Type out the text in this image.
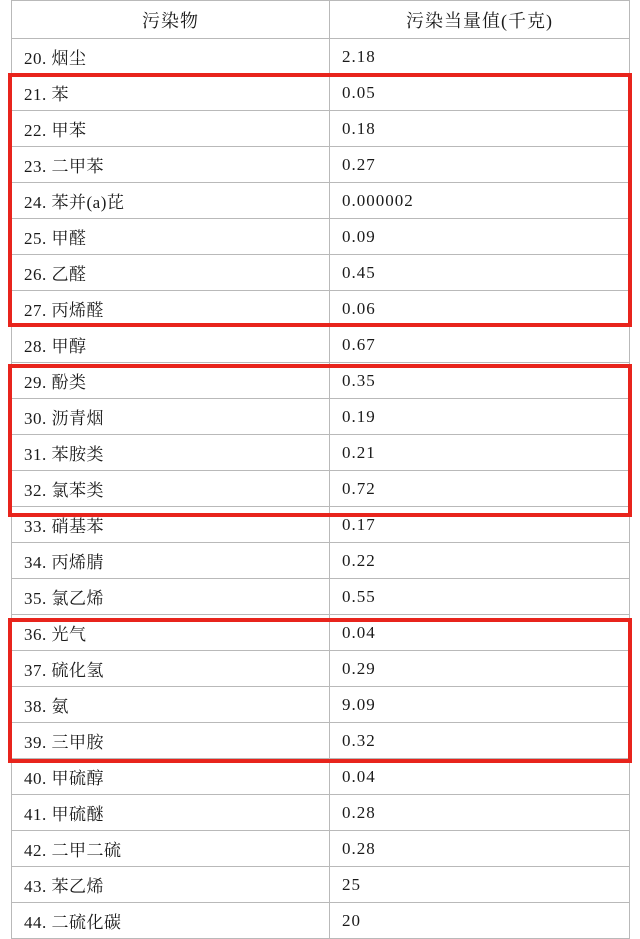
污染物	污染当量值(千克)
20. 烟尘	2.18
21. 苯	0.05
22. 甲苯	0.18
23. 二甲苯	0.27
24. 苯并(a)芘	0.000002
25. 甲醛	0.09
26. 乙醛	0.45
27. 丙烯醛	0.06
28. 甲醇	0.67
29. 酚类	0.35
30. 沥青烟	0.19
31. 苯胺类	0.21
32. 氯苯类	0.72
33. 硝基苯	0.17
34. 丙烯腈	0.22
35. 氯乙烯	0.55
36. 光气	0.04
37. 硫化氢	0.29
38. 氨	9.09
39. 三甲胺	0.32
40. 甲硫醇	0.04
41. 甲硫醚	0.28
42. 二甲二硫	0.28
43. 苯乙烯	25
44. 二硫化碳	20
